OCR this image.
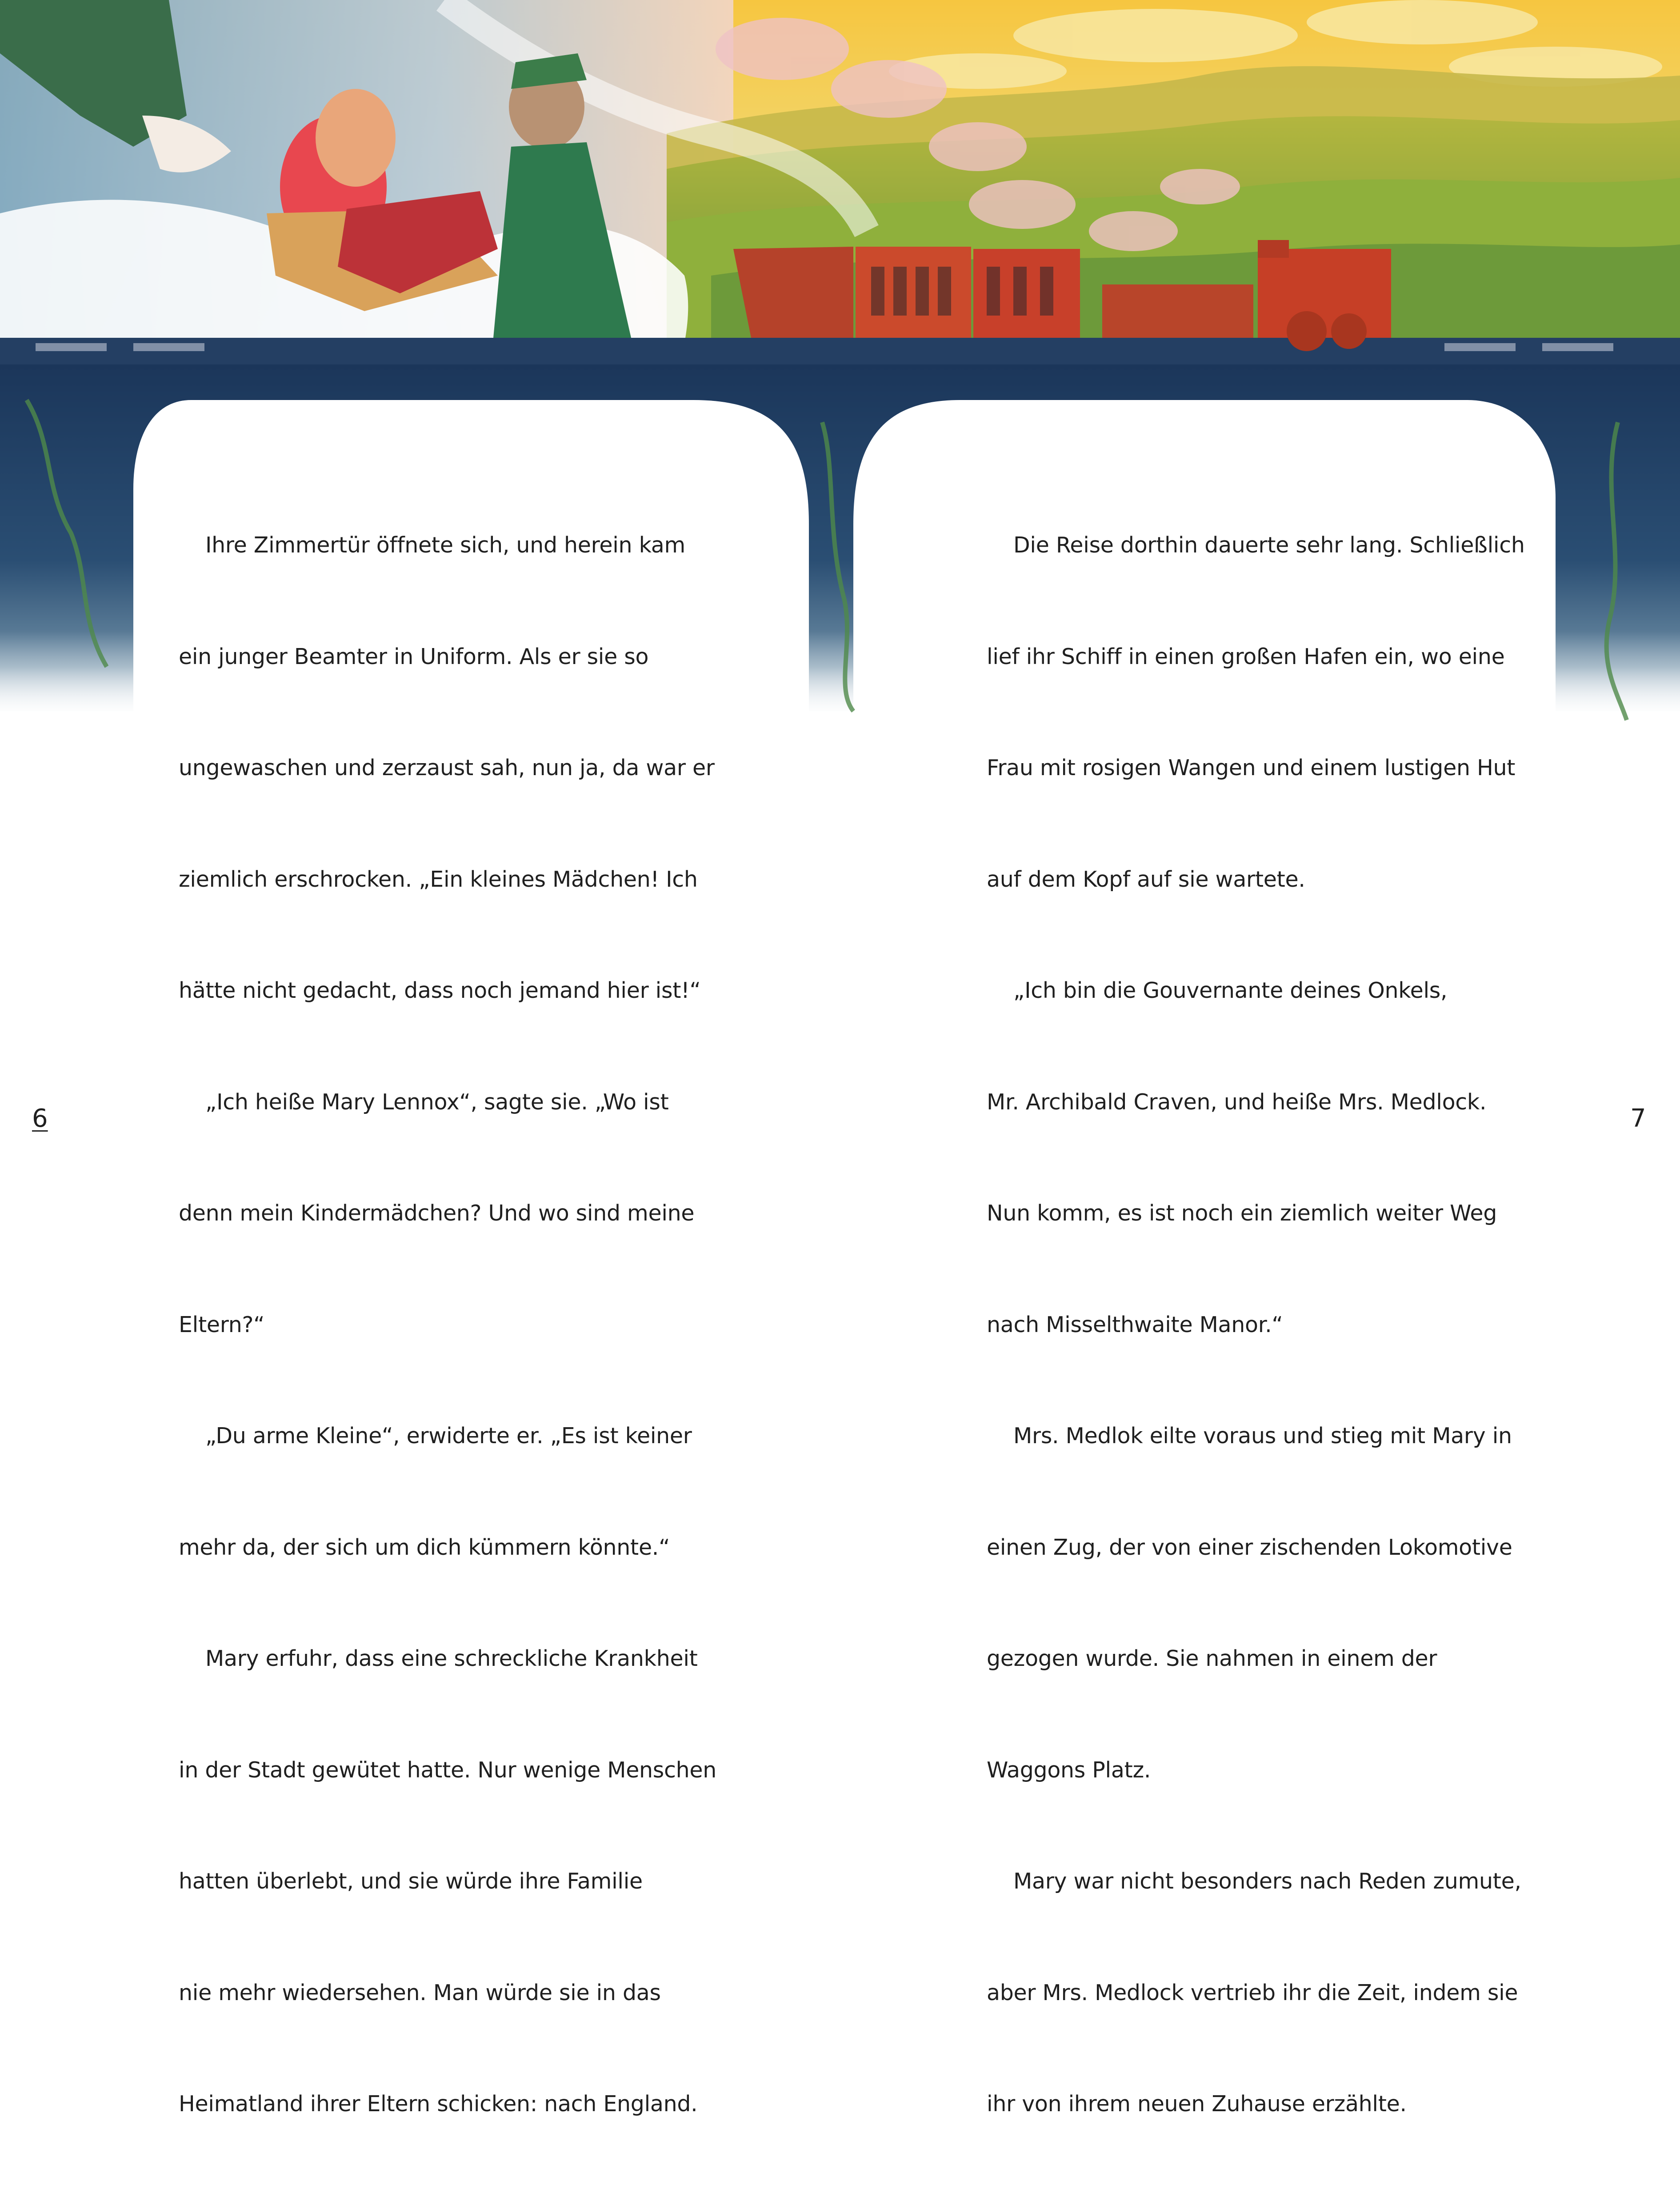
Ihre Zimmertür öffnete sich, und herein kam

ein junger Beamter in Uniform. Als er sie so

ungewaschen und zerzaust sah, nun ja, da war er

ziemlich erschrocken. „Ein kleines Mädchen! Ich

hätte nicht gedacht, dass noch jemand hier ist!“

„Ich heiße Mary Lennox“, sagte sie. „Wo ist

denn mein Kindermädchen? Und wo sind meine

Eltern?“

„Du arme Kleine“, erwiderte er. „Es ist keiner

mehr da, der sich um dich kümmern könnte.“

Mary erfuhr, dass eine schreckliche Krankheit

in der Stadt gewütet hatte. Nur wenige Menschen

hatten überlebt, und sie würde ihre Familie

nie mehr wiedersehen. Man würde sie in das

Heimatland ihrer Eltern schicken: nach England.

Die Reise dorthin dauerte sehr lang. Schließlich

lief ihr Schiff in einen großen Hafen ein, wo eine

Frau mit rosigen Wangen und einem lustigen Hut

auf dem Kopf auf sie wartete.

„Ich bin die Gouvernante deines Onkels,

Mr. Archibald Craven, und heiße Mrs. Medlock.

Nun komm, es ist noch ein ziemlich weiter Weg

nach Misselthwaite Manor.“

Mrs. Medlok eilte voraus und stieg mit Mary in

einen Zug, der von einer zischenden Lokomotive

gezogen wurde. Sie nahmen in einem der

Waggons Platz.

Mary war nicht besonders nach Reden zumute,

aber Mrs. Medlock vertrieb ihr die Zeit, indem sie

ihr von ihrem neuen Zuhause erzählte.

6	7
